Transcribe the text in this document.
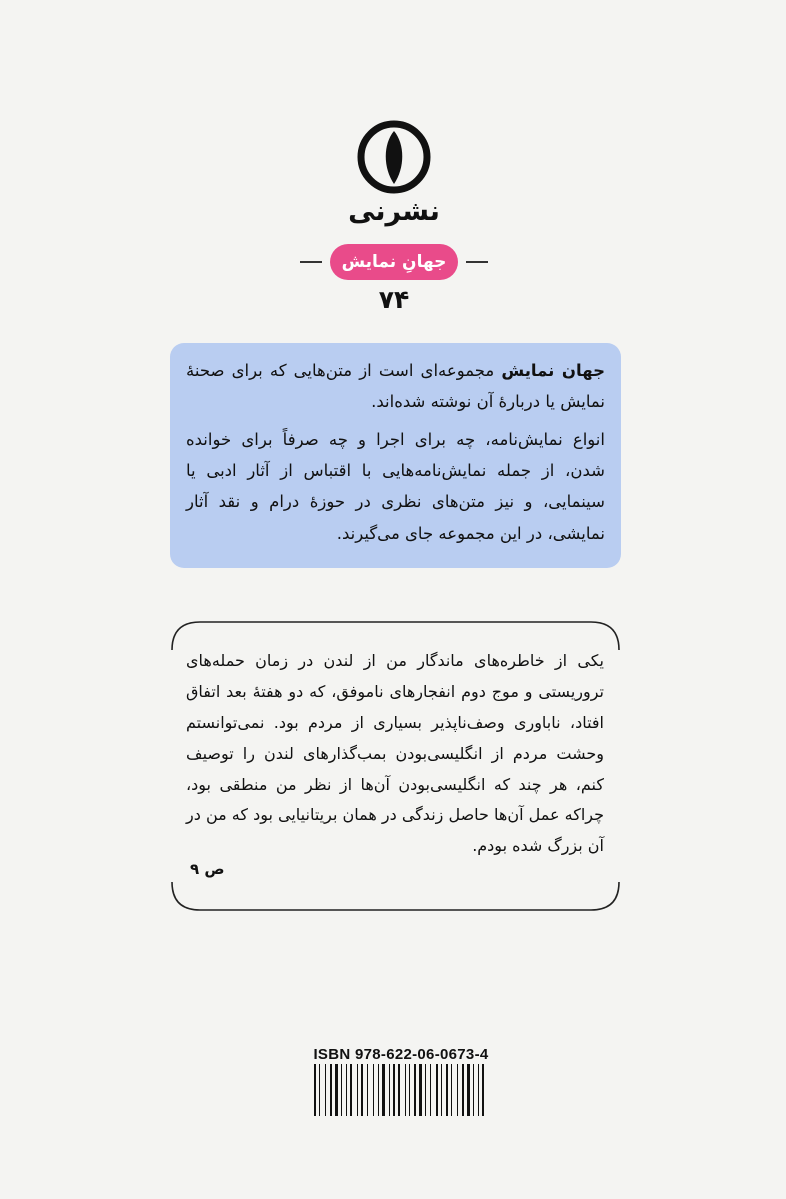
نشرنی
جهانِ نمایش
۷۴

جهان نمایش مجموعه‌ای است از متن‌هایی که برای صحنهٔ نمایش یا دربارهٔ آن نوشته شده‌اند.

انواع نمایش‌نامه، چه برای اجرا و چه صرفاً برای خوانده شدن، از جمله نمایش‌نامه‌هایی با اقتباس از آثار ادبی یا سینمایی، و نیز متن‌های نظری در حوزهٔ درام و نقد آثار نمایشی، در این مجموعه جای می‌گیرند.

یکی از خاطره‌های ماندگار من از لندن در زمان حمله‌های تروریستی و موج دوم انفجارهای ناموفق، که دو هفتهٔ بعد اتفاق افتاد، ناباوری وصف‌ناپذیر بسیاری از مردم بود. نمی‌توانستم وحشت مردم از انگلیسی‌بودن بمب‌گذارهای لندن را توصیف کنم، هر چند که انگلیسی‌بودن آن‌ها از نظر من منطقی بود، چراکه عمل آن‌ها حاصل زندگی در همان بریتانیایی بود که من در آن بزرگ شده بودم.

ص ۹
ISBN 978-622-06-0673-4
